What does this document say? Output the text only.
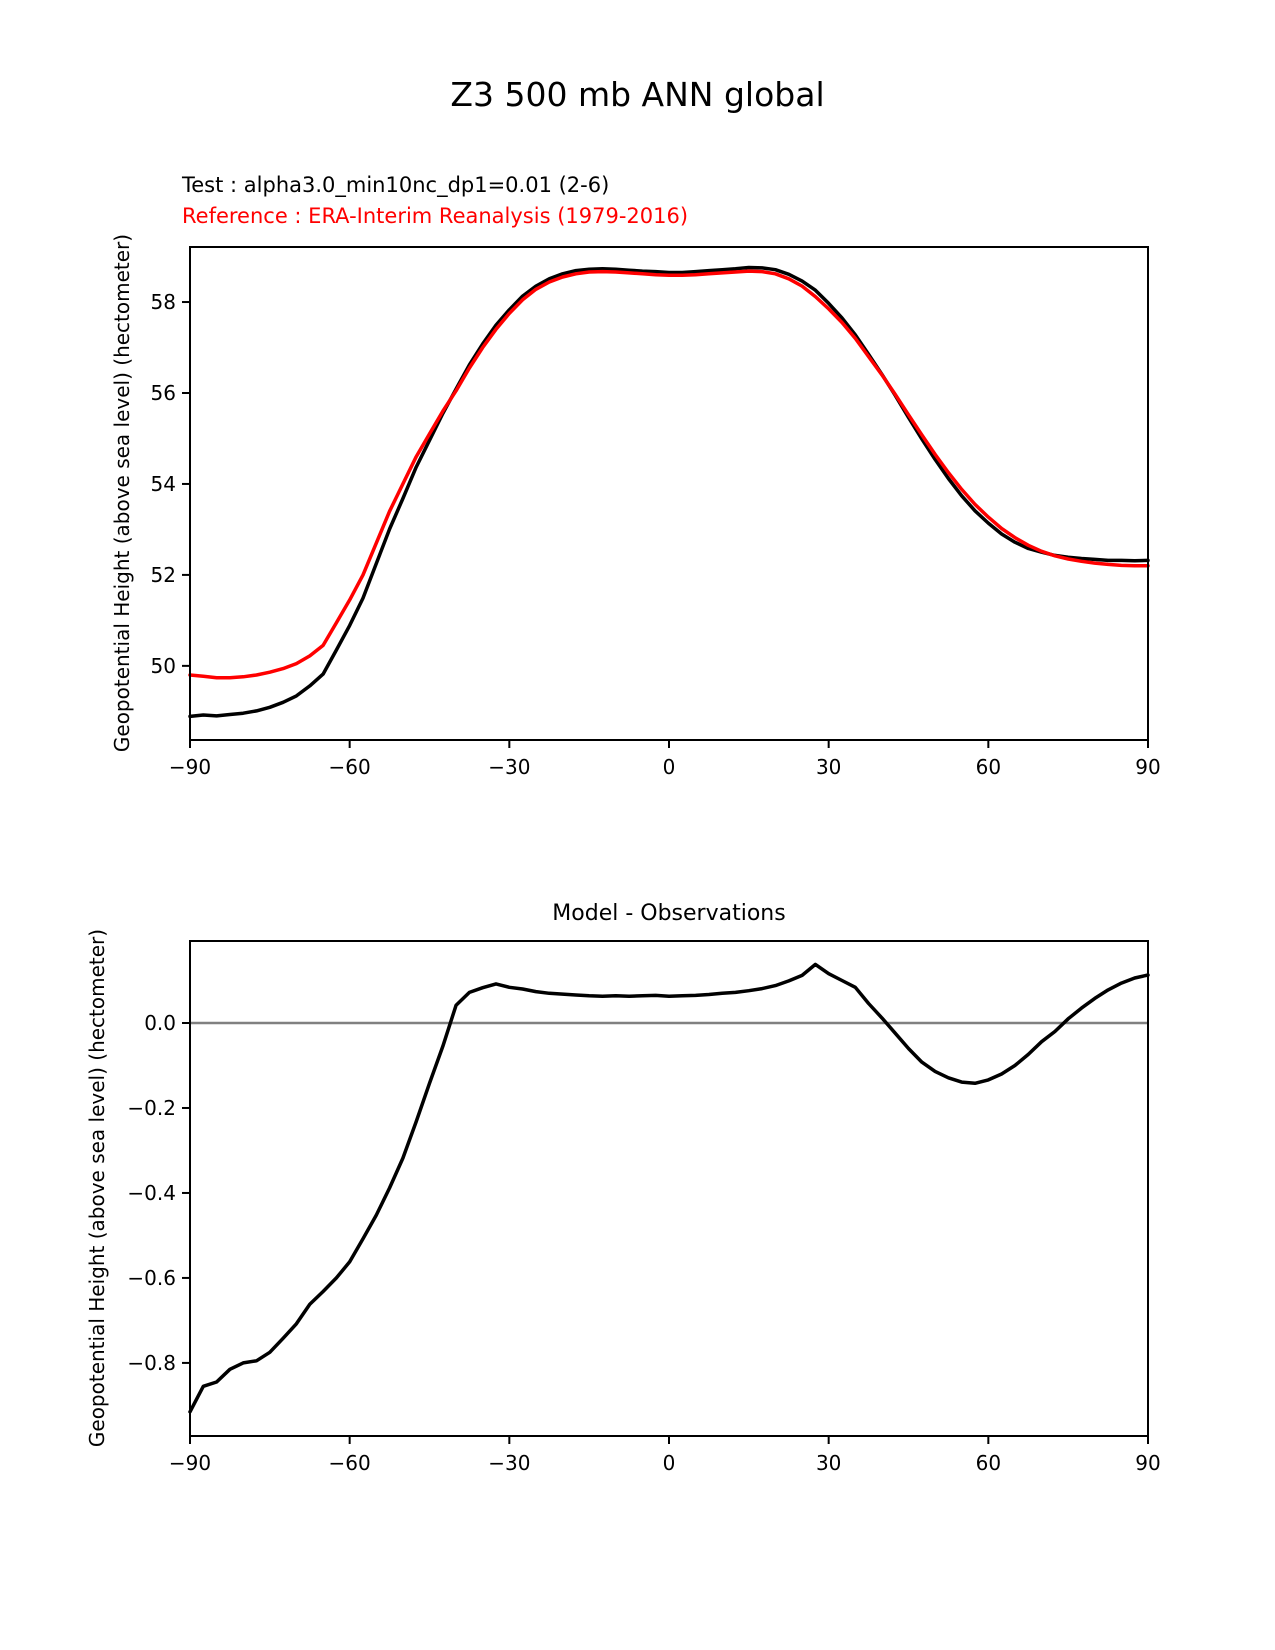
Z3 500 mb ANN global
Test : alpha3.0_min10nc_dp1=0.01 (2-6)
Reference : ERA-Interim Reanalysis (1979-2016)
Geopotential Height (above sea level) (hectometer)
Model - Observations
Geopotential Height (above sea level) (hectometer)
−90	−60	−30	0	30	60	90
50
52
54
56
58
−90	−60	−30	0	30	60	90
0.0
−0.2
−0.4
−0.6
−0.8
